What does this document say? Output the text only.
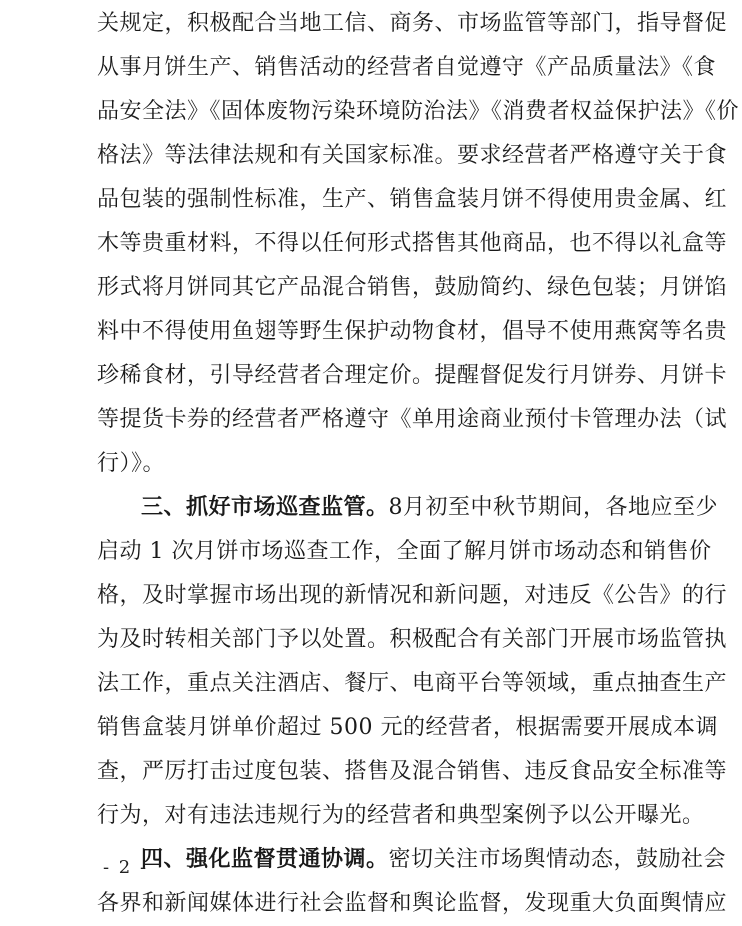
关规定，积极配合当地工信、商务、市场监管等部门，指导督促
从事月饼生产、销售活动的经营者自觉遵守《产品质量法》《食
品安全法》《固体废物污染环境防治法》《消费者权益保护法》《价
格法》等法律法规和有关国家标准。要求经营者严格遵守关于食
品包装的强制性标准，生产、销售盒装月饼不得使用贵金属、红
木等贵重材料，不得以任何形式搭售其他商品，也不得以礼盒等
形式将月饼同其它产品混合销售，鼓励简约、绿色包装；月饼馅
料中不得使用鱼翅等野生保护动物食材，倡导不使用燕窝等名贵
珍稀食材，引导经营者合理定价。提醒督促发行月饼券、月饼卡
等提货卡券的经营者严格遵守《单用途商业预付卡管理办法（试
行）》。
三、抓好市场巡查监管。8月初至中秋节期间，各地应至少
启动 1 次月饼市场巡查工作，全面了解月饼市场动态和销售价
格，及时掌握市场出现的新情况和新问题，对违反《公告》的行
为及时转相关部门予以处置。积极配合有关部门开展市场监管执
法工作，重点关注酒店、餐厅、电商平台等领域，重点抽查生产
销售盒装月饼单价超过 500 元的经营者，根据需要开展成本调
查，严厉打击过度包装、搭售及混合销售、违反食品安全标准等
行为，对有违法违规行为的经营者和典型案例予以公开曝光。
四、强化监督贯通协调。密切关注市场舆情动态，鼓励社会
各界和新闻媒体进行社会监督和舆论监督，发现重大负面舆情应
- 2 -
